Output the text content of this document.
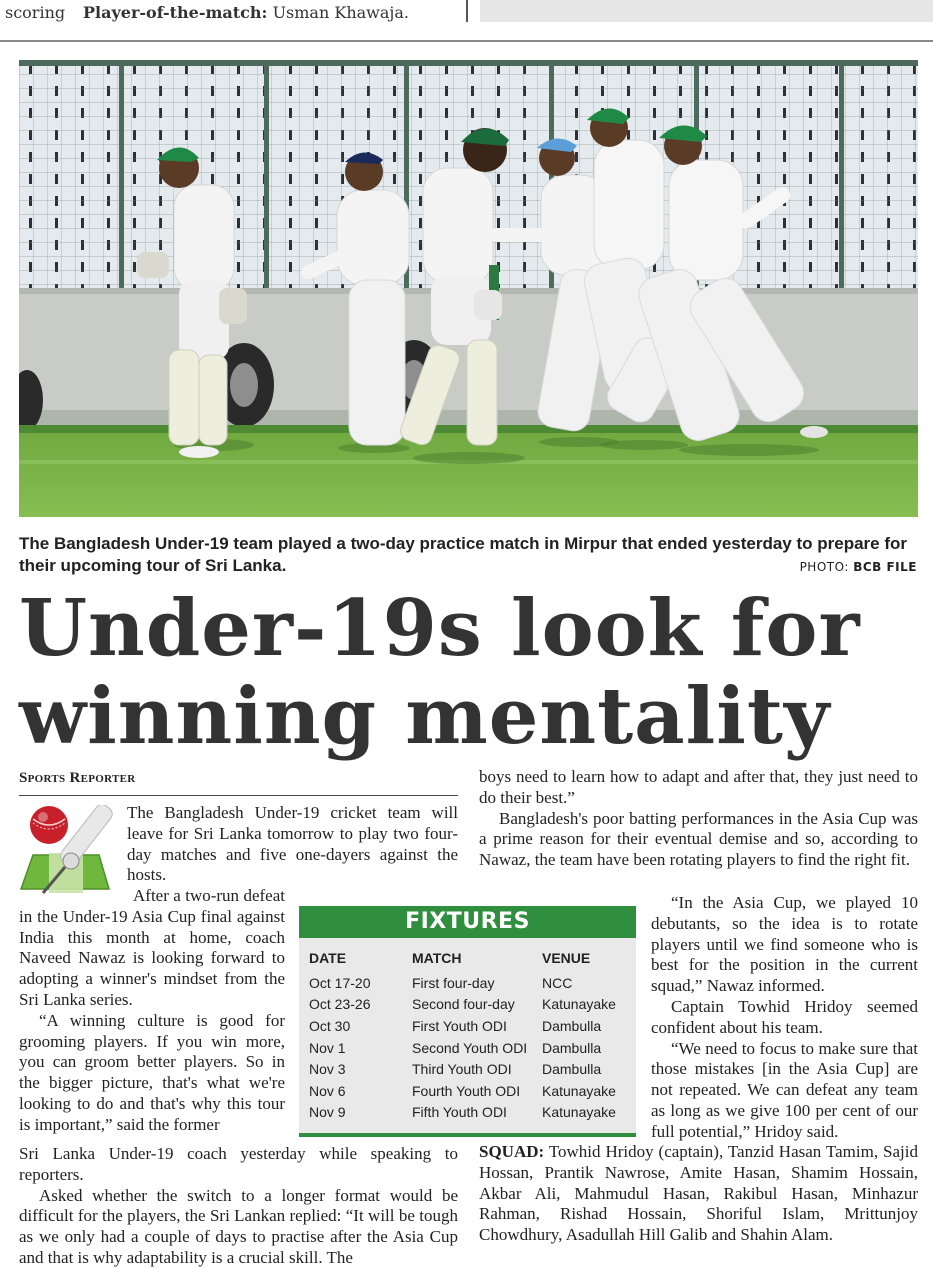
scoring Player-of-the-match: Usman Khawaja.
The Bangladesh Under-19 team played a two-day practice match in Mirpur that ended yesterday to prepare for their upcoming tour of Sri Lanka.	PHOTO: BCB FILE
Under-19s look for
winning mentality
Sports Reporter

The Bangladesh Under-19 cricket team will leave for Sri Lanka tomorrow to play two four-day matches and five one-dayers against the hosts.

After a two-run defeat in the Under-19 Asia Cup final against India this month at home, coach Naveed Nawaz is looking forward to adopting a winner's mindset from the Sri Lanka series.

“A winning culture is good for grooming players. If you win more, you can groom better players. So in the bigger picture, that's what we're looking to do and that's why this tour is important,” said the former

Sri Lanka Under-19 coach yesterday while speaking to reporters.

Asked whether the switch to a longer format would be difficult for the players, the Sri Lankan replied: “It will be tough as we only had a couple of days to practise after the Asia Cup and that is why adaptability is a crucial skill. The

boys need to learn how to adapt and after that, they just need to do their best.”

Bangladesh's poor batting performances in the Asia Cup was a prime reason for their eventual demise and so, according to Nawaz, the team have been rotating players to find the right fit.

“In the Asia Cup, we played 10 debutants, so the idea is to rotate players until we find someone who is best for the position in the current squad,” Nawaz informed.

Captain Towhid Hridoy seemed confident about his team.

“We need to focus to make sure that those mistakes [in the Asia Cup] are not repeated. We can defeat any team as long as we give 100 per cent of our full potential,” Hridoy said.

SQUAD: Towhid Hridoy (captain), Tanzid Hasan Tamim, Sajid Hossan, Prantik Nawrose, Amite Hasan, Shamim Hossain, Akbar Ali, Mahmudul Hasan, Rakibul Hasan, Minhazur Rahman, Rishad Hossain, Shoriful Islam, Mrittunjoy Chowdhury, Asadullah Hill Galib and Shahin Alam.

FIXTURES
DATE	MATCH	VENUE
Oct 17-20	First four-day	NCC
Oct 23-26	Second four-day	Katunayake
Oct 30	First Youth ODI	Dambulla
Nov 1	Second Youth ODI	Dambulla
Nov 3	Third Youth ODI	Dambulla
Nov 6	Fourth Youth ODI	Katunayake
Nov 9	Fifth Youth ODI	Katunayake
